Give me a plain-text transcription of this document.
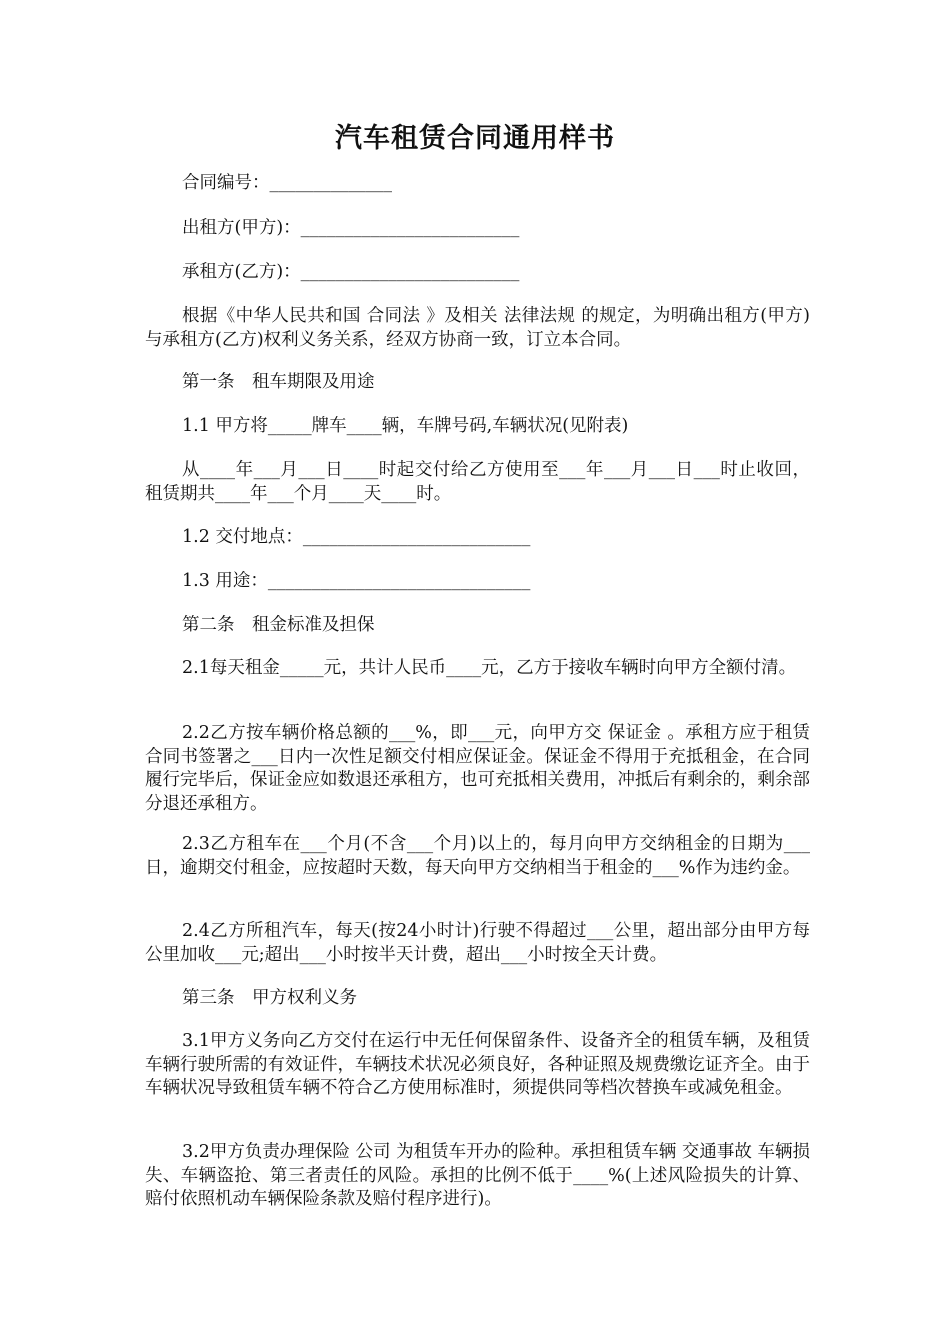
汽车租赁合同通用样书
合同编号：______________
出租方(甲方)：_________________________
承租方(乙方)：_________________________
根据《中华人民共和国 合同法 》及相关 法律法规 的规定，为明确出租方(甲方)与承租方(乙方)权利义务关系，经双方协商一致，订立本合同。
第一条　租车期限及用途
1.1 甲方将_____牌车____辆，车牌号码,车辆状况(见附表)
从____年___月___日____时起交付给乙方使用至___年___月___日___时止收回，租赁期共____年___个月____天____时。
1.2 交付地点：__________________________
1.3 用途：______________________________
第二条　租金标准及担保
2.1每天租金_____元，共计人民币____元，乙方于接收车辆时向甲方全额付清。
2.2乙方按车辆价格总额的___%，即___元，向甲方交 保证金 。承租方应于租赁合同书签署之___日内一次性足额交付相应保证金。保证金不得用于充抵租金，在合同履行完毕后，保证金应如数退还承租方，也可充抵相关费用，冲抵后有剩余的，剩余部分退还承租方。
2.3乙方租车在___个月(不含___个月)以上的，每月向甲方交纳租金的日期为___日，逾期交付租金，应按超时天数，每天向甲方交纳相当于租金的___%作为违约金。
2.4乙方所租汽车，每天(按24小时计)行驶不得超过___公里，超出部分由甲方每公里加收___元;超出___小时按半天计费，超出___小时按全天计费。
第三条　甲方权利义务
3.1甲方义务向乙方交付在运行中无任何保留条件、设备齐全的租赁车辆，及租赁车辆行驶所需的有效证件，车辆技术状况必须良好，各种证照及规费缴讫证齐全。由于车辆状况导致租赁车辆不符合乙方使用标准时，须提供同等档次替换车或减免租金。
3.2甲方负责办理保险 公司 为租赁车开办的险种。承担租赁车辆 交通事故 车辆损失、车辆盗抢、第三者责任的风险。承担的比例不低于____%(上述风险损失的计算、赔付依照机动车辆保险条款及赔付程序进行)。
